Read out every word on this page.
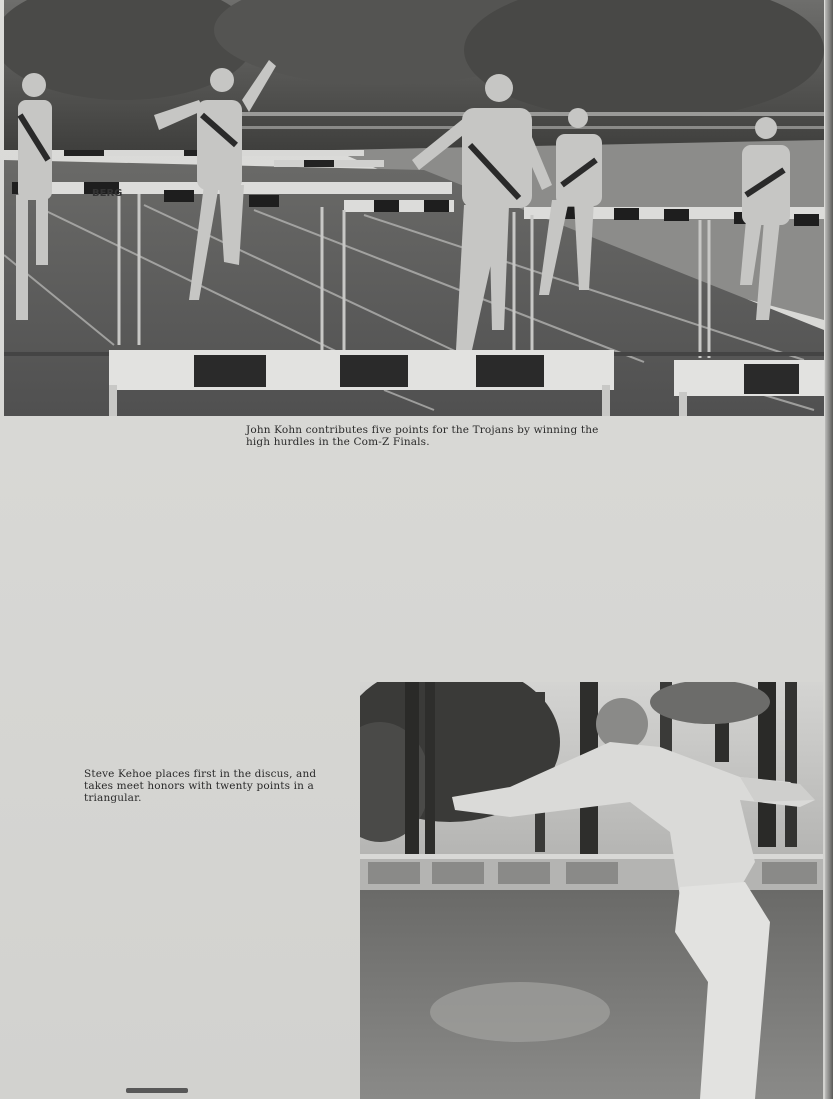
BERG
John Kohn contributes five points for the Trojans by winning the high hurdles in the Com-Z Finals.
Steve Kehoe places first in the discus, and takes meet honors with twenty points in a triangular.
